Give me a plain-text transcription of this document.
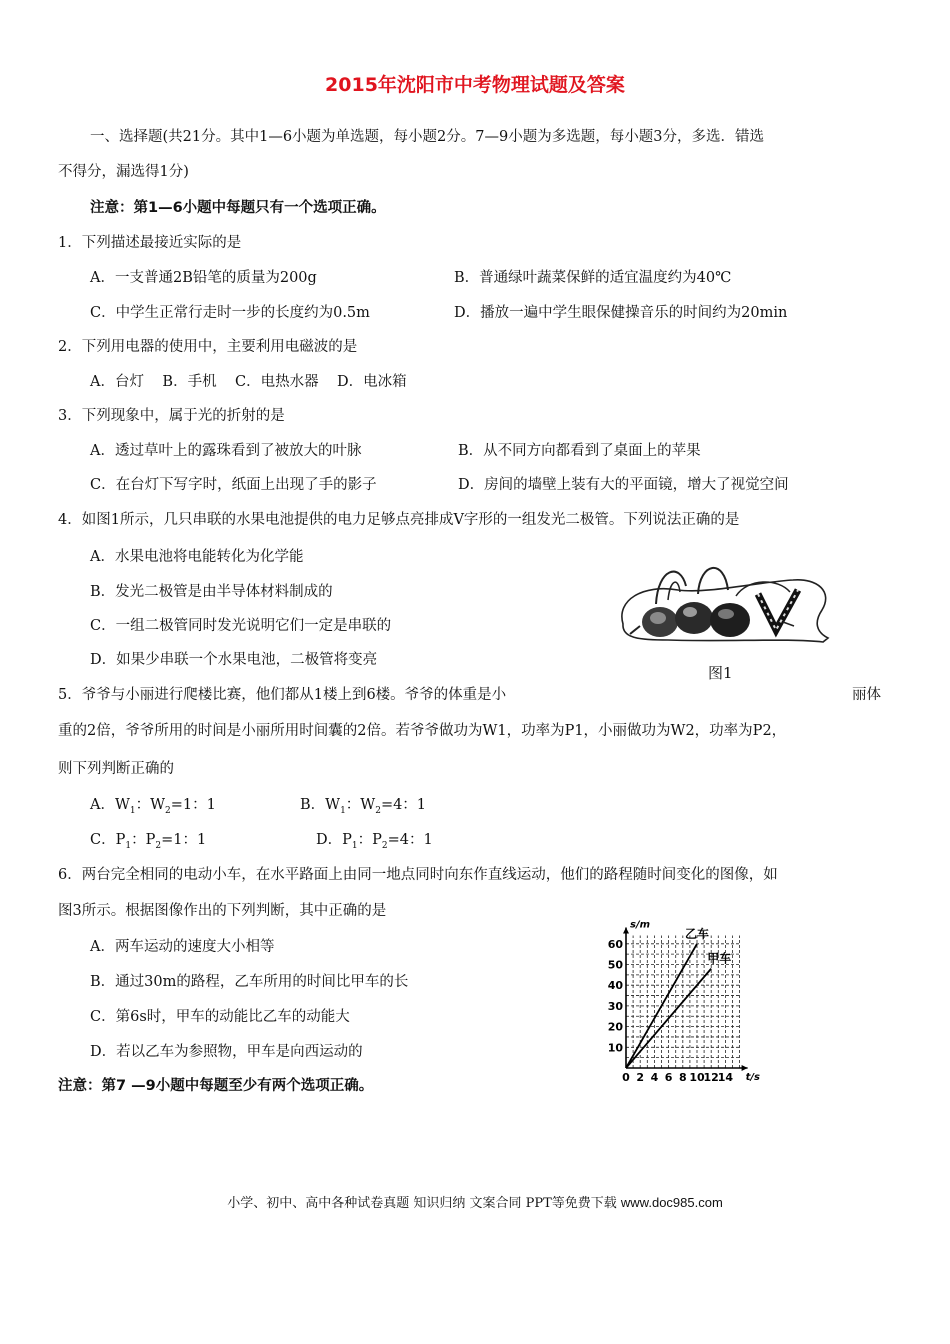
2015年沈阳市中考物理试题及答案
一、选择题(共21分。其中1—6小题为单选题，每小题2分。7—9小题为多选题，每小题3分，多选．错选
不得分，漏选得1分)
注意：第1—6小题中每题只有一个选项正确。
1．下列描述最接近实际的是
A．一支普通2B铅笔的质量为200g	B．普通绿叶蔬菜保鲜的适宜温度约为40℃
C．中学生正常行走时一步的长度约为0.5m	D．播放一遍中学生眼保健操音乐的时间约为20min
2．下列用电器的使用中，主要利用电磁波的是
A．台灯    B．手机    C．电热水器    D．电冰箱
3．下列现象中，属于光的折射的是
A．透过草叶上的露珠看到了被放大的叶脉	B．从不同方向都看到了桌面上的苹果
C．在台灯下写字时，纸面上出现了手的影子	D．房间的墙壁上装有大的平面镜，增大了视觉空间
4．如图1所示，几只串联的水果电池提供的电力足够点亮排成V字形的一组发光二极管。下列说法正确的是
A．水果电池将电能转化为化学能
B．发光二极管是由半导体材料制成的
C．一组二极管同时发光说明它们一定是串联的
D．如果少串联一个水果电池，二极管将变亮
图1
5．爷爷与小丽进行爬楼比赛，他们都从1楼上到6楼。爷爷的体重是小	丽体
重的2倍，爷爷所用的时间是小丽所用时间囊的2倍。若爷爷做功为W1，功率为P1，小丽做功为W2，功率为P2，
则下列判断正确的
A．$W_1$：$W_2=1$：1	B．$W_1$：$W_2=4$：1
C．$P_1$：$P_2=1$：1	D．$P_1$：$P_2=4$：1
6．两台完全相同的电动小车，在水平路面上由同一地点同时向东作直线运动，他们的路程随时间变化的图像，如
图3所示。根据图像作出的下列判断，其中正确的是
A．两车运动的速度大小相等
B．通过30m的路程，乙车所用的时间比甲车的长
C．第6s时，甲车的动能比乙车的动能大
D．若以乙车为参照物，甲车是向西运动的
s/m
t/s
0 2 4 6 8 10
12
14
10
20
30
40
50
60
乙车
甲车
注意：第7 —9小题中每题至少有两个选项正确。
小学、初中、高中各种试卷真题 知识归纳 文案合同 PPT等免费下载 www.doc985.com
